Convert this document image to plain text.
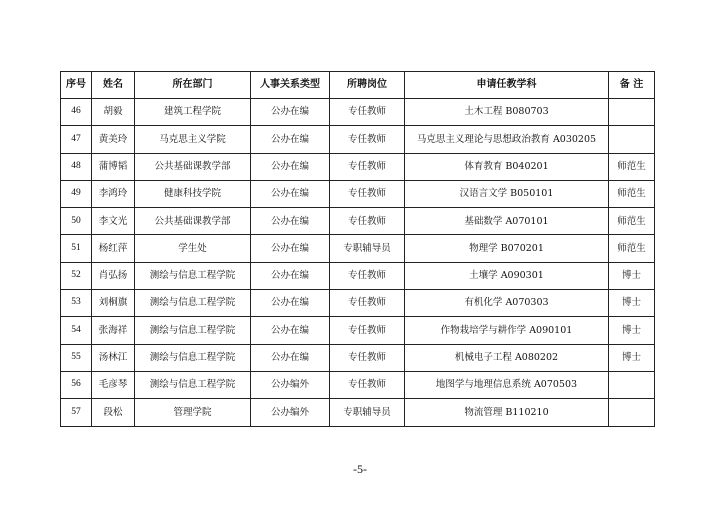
序号	姓名	所在部门	人事关系类型	所聘岗位	申请任教学科	备 注
46	胡毅	建筑工程学院	公办在编	专任教师	土木工程 B080703	
47	黄美玲	马克思主义学院	公办在编	专任教师	马克思主义理论与思想政治教育 A030205	
48	蒲博韬	公共基础课教学部	公办在编	专任教师	体育教育 B040201	师范生
49	李鸿玲	健康科技学院	公办在编	专任教师	汉语言文学 B050101	师范生
50	李文光	公共基础课教学部	公办在编	专任教师	基础数学 A070101	师范生
51	杨红萍	学生处	公办在编	专职辅导员	物理学 B070201	师范生
52	肖弘扬	测绘与信息工程学院	公办在编	专任教师	土壤学 A090301	博士
53	刘桐旗	测绘与信息工程学院	公办在编	专任教师	有机化学 A070303	博士
54	张海祥	测绘与信息工程学院	公办在编	专任教师	作物栽培学与耕作学 A090101	博士
55	汤林江	测绘与信息工程学院	公办在编	专任教师	机械电子工程 A080202	博士
56	毛彦琴	测绘与信息工程学院	公办编外	专任教师	地图学与地理信息系统 A070503	
57	段松	管理学院	公办编外	专职辅导员	物流管理 B110210	
-5-
